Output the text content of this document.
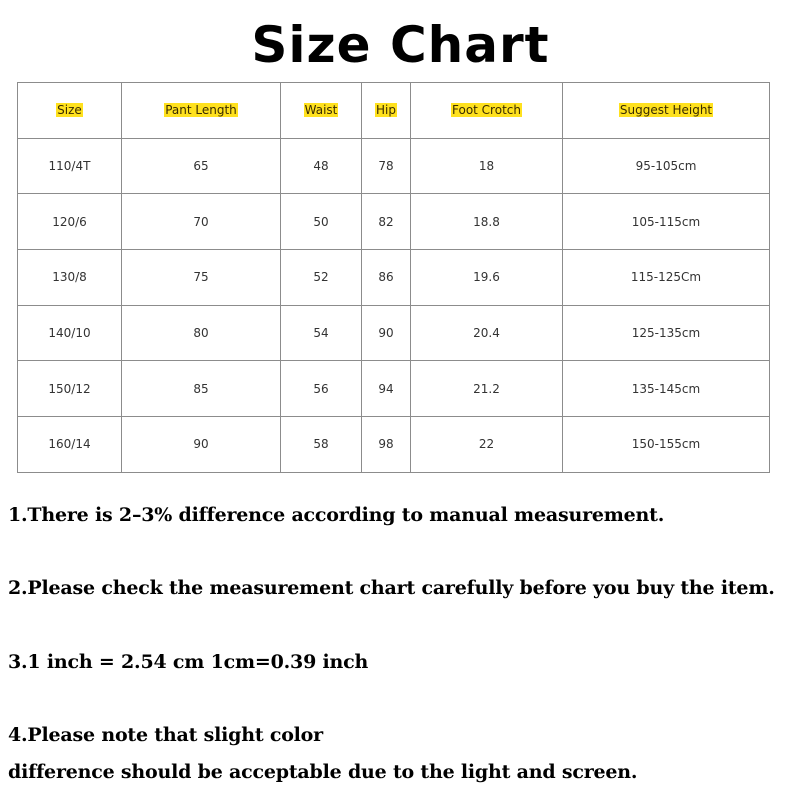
Size Chart
Size	Pant Length	Waist	Hip	Foot Crotch	Suggest Height
110/4T	65	48	78	18	95-105cm
120/6	70	50	82	18.8	105-115cm
130/8	75	52	86	19.6	115-125Cm
140/10	80	54	90	20.4	125-135cm
150/12	85	56	94	21.2	135-145cm
160/14	90	58	98	22	150-155cm

1.There is 2–3% difference according to manual measurement.

2.Please check the measurement chart carefully before you buy the item.

3.1 inch = 2.54 cm 1cm=0.39 inch

4.Please note that slight color

difference should be acceptable due to the light and screen.
